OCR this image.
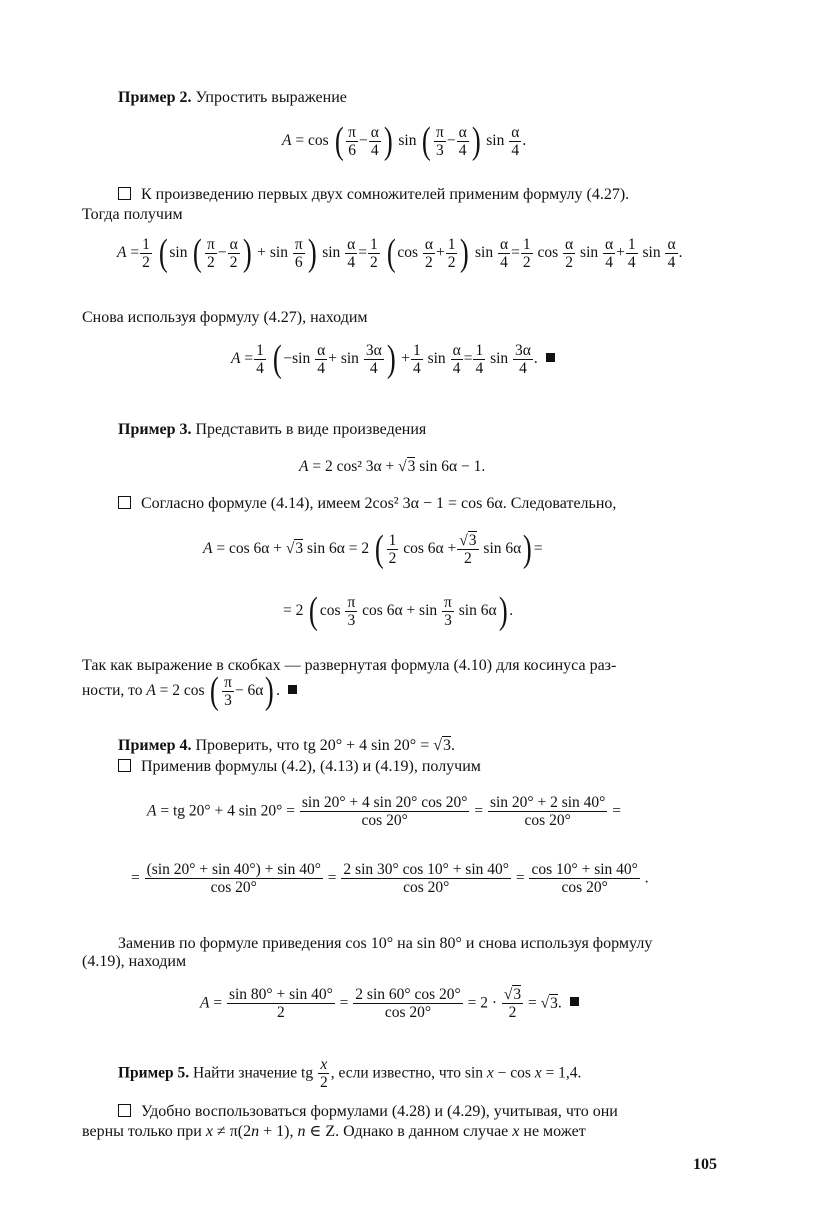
Пример 2. Упростить выражение
A = cos ( $\frac{\pi}{6} - \frac{\alpha}{4}$ ) sin ( $\frac{\pi}{3} - \frac{\alpha}{4}$ ) $\sin \frac{\alpha}{4}$ .
К произведению первых двух сомножителей применим формулу (4.27).
Тогда получим
$A = \frac{1}{2}$ ( sin ( $\frac{\pi}{2} - \frac{\alpha}{2}$ ) + $\sin \frac{\pi}{6}$ ) $\sin \frac{\alpha}{4} = \frac{1}{2}$ ( $\cos \frac{\alpha}{2} + \frac{1}{2}$ ) $\sin \frac{\alpha}{4} = \frac{1}{2}$ $\cos \frac{\alpha}{2}$ $\sin \frac{\alpha}{4} + \frac{1}{4}$ $\sin \frac{\alpha}{4}$ .
Снова используя формулу (4.27), находим
$A = \frac{1}{4}$ ( $-\sin \frac{\alpha}{4} + \sin \frac{3\alpha}{4}$ ) + $\frac{1}{4}$ $\sin \frac{\alpha}{4} = \frac{1}{4}$ $\sin \frac{3\alpha}{4}$ .
Пример 3. Представить в виде произведения
A = 2 cos² 3α + √3 sin 6α − 1.
Согласно формуле (4.14), имеем 2cos² 3α − 1 = cos 6α. Следовательно,
A = cos 6α + √3 sin 6α = 2 ( $\frac{1}{2}$ $\cos 6\alpha + \frac{√3}{2}$ sin 6α) =
= 2 ( $\cos \frac{\pi}{3}$ $\cos 6\alpha + \sin \frac{\pi}{3}$ sin 6α) .
Так как выражение в скобках — развернутая формула (4.10) для косинуса раз-
ности, то A = 2 cos ( $\frac{\pi}{3} - 6\alpha$) .
Пример 4. Проверить, что tg 20° + 4 sin 20° = √3.
Применив формулы (4.2), (4.13) и (4.19), получим
A = tg 20° + 4 $\sin 20^\circ = \frac{\sin 20^\circ + 4 \sin 20^\circ \cos 20^\circ}{\cos 20^\circ} = \frac{\sin 20^\circ + 2 \sin 40^\circ}{\cos 20^\circ}$ =
= $\frac{(\sin 20^\circ + \sin 40^\circ) + \sin 40^\circ}{\cos 20^\circ} = \frac{2 \sin 30^\circ \cos 10^\circ + \sin 40^\circ}{\cos 20^\circ} = \frac{\cos 10^\circ + \sin 40^\circ}{\cos 20^\circ}$ .
Заменив по формуле приведения cos 10° на sin 80° и снова используя формулу
(4.19), находим
$A = \frac{\sin 80^\circ + \sin 40^\circ}{2} = \frac{2 \sin 60^\circ \cos 20^\circ}{\cos 20^\circ} = 2 \cdot \frac{√3}{2} = √3$.
Пример 5. Найти значение tg $\frac{x}{2}$ , если известно, что sin x − cos x = 1,4.
Удобно воспользоваться формулами (4.28) и (4.29), учитывая, что они
верны только при x ≠ π(2n + 1), n ∈ Z. Однако в данном случае x не может
105
